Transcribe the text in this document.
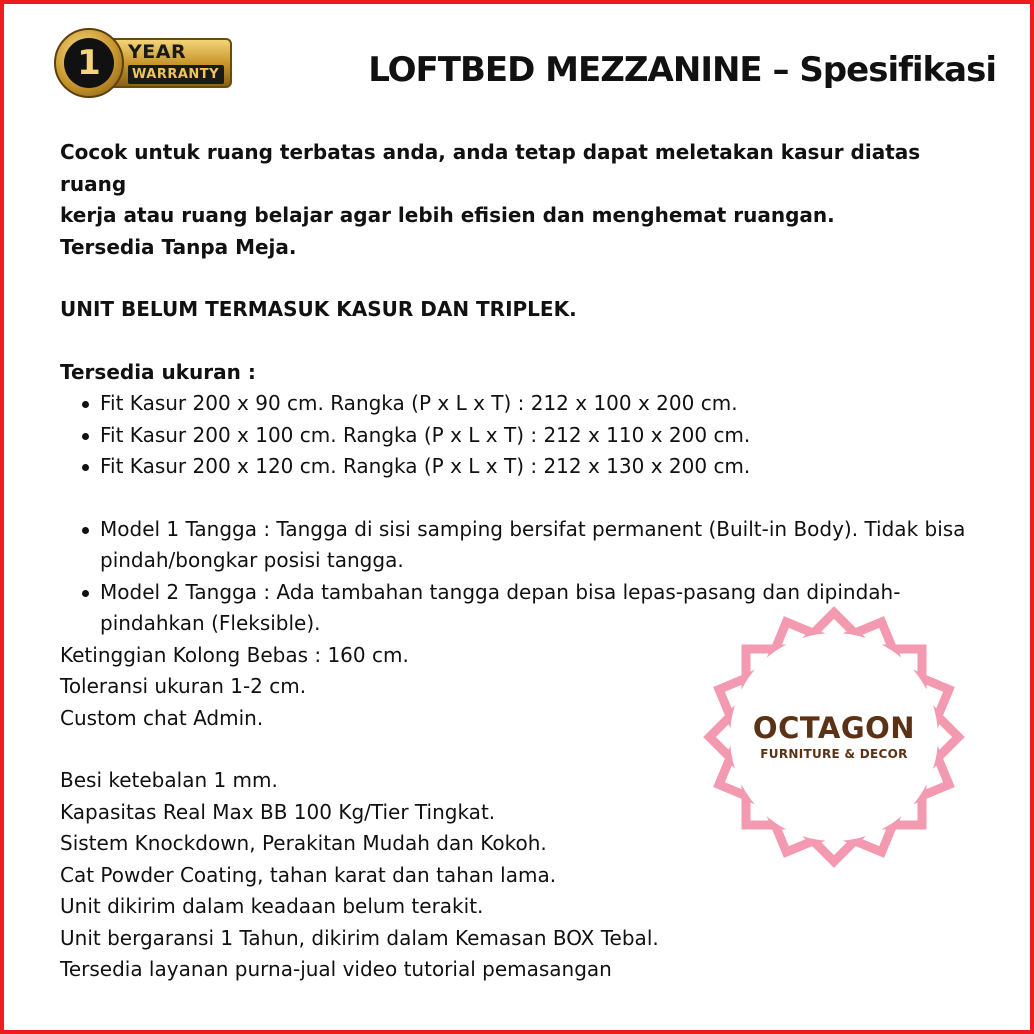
YEAR
WARRANTY
1	LOFTBED MEZZANINE – Spesifikasi

Cocok untuk ruang terbatas anda, anda tetap dapat meletakan kasur diatas ruang

kerja atau ruang belajar agar lebih efisien dan menghemat ruangan.

Tersedia Tanpa Meja.

UNIT BELUM TERMASUK KASUR DAN TRIPLEK.

Tersedia ukuran :

Fit Kasur 200 x 90 cm. Rangka (P x L x T) : 212 x 100 x 200 cm.
Fit Kasur 200 x 100 cm. Rangka (P x L x T) : 212 x 110 x 200 cm.
Fit Kasur 200 x 120 cm. Rangka (P x L x T) : 212 x 130 x 200 cm.
Model 1 Tangga : Tangga di sisi samping bersifat permanent (Built-in Body). Tidak bisa pindah/bongkar posisi tangga.
Model 2 Tangga : Ada tambahan tangga depan bisa lepas-pasang dan dipindah-pindahkan (Fleksible).

Ketinggian Kolong Bebas : 160 cm.

Toleransi ukuran 1-2 cm.

Custom chat Admin.

Besi ketebalan 1 mm.

Kapasitas Real Max BB 100 Kg/Tier Tingkat.

Sistem Knockdown, Perakitan Mudah dan Kokoh.

Cat Powder Coating, tahan karat dan tahan lama.

Unit dikirim dalam keadaan belum terakit.

Unit bergaransi 1 Tahun, dikirim dalam Kemasan BOX Tebal.

Tersedia layanan purna-jual video tutorial pemasangan

OCTAGON
FURNITURE & DECOR
